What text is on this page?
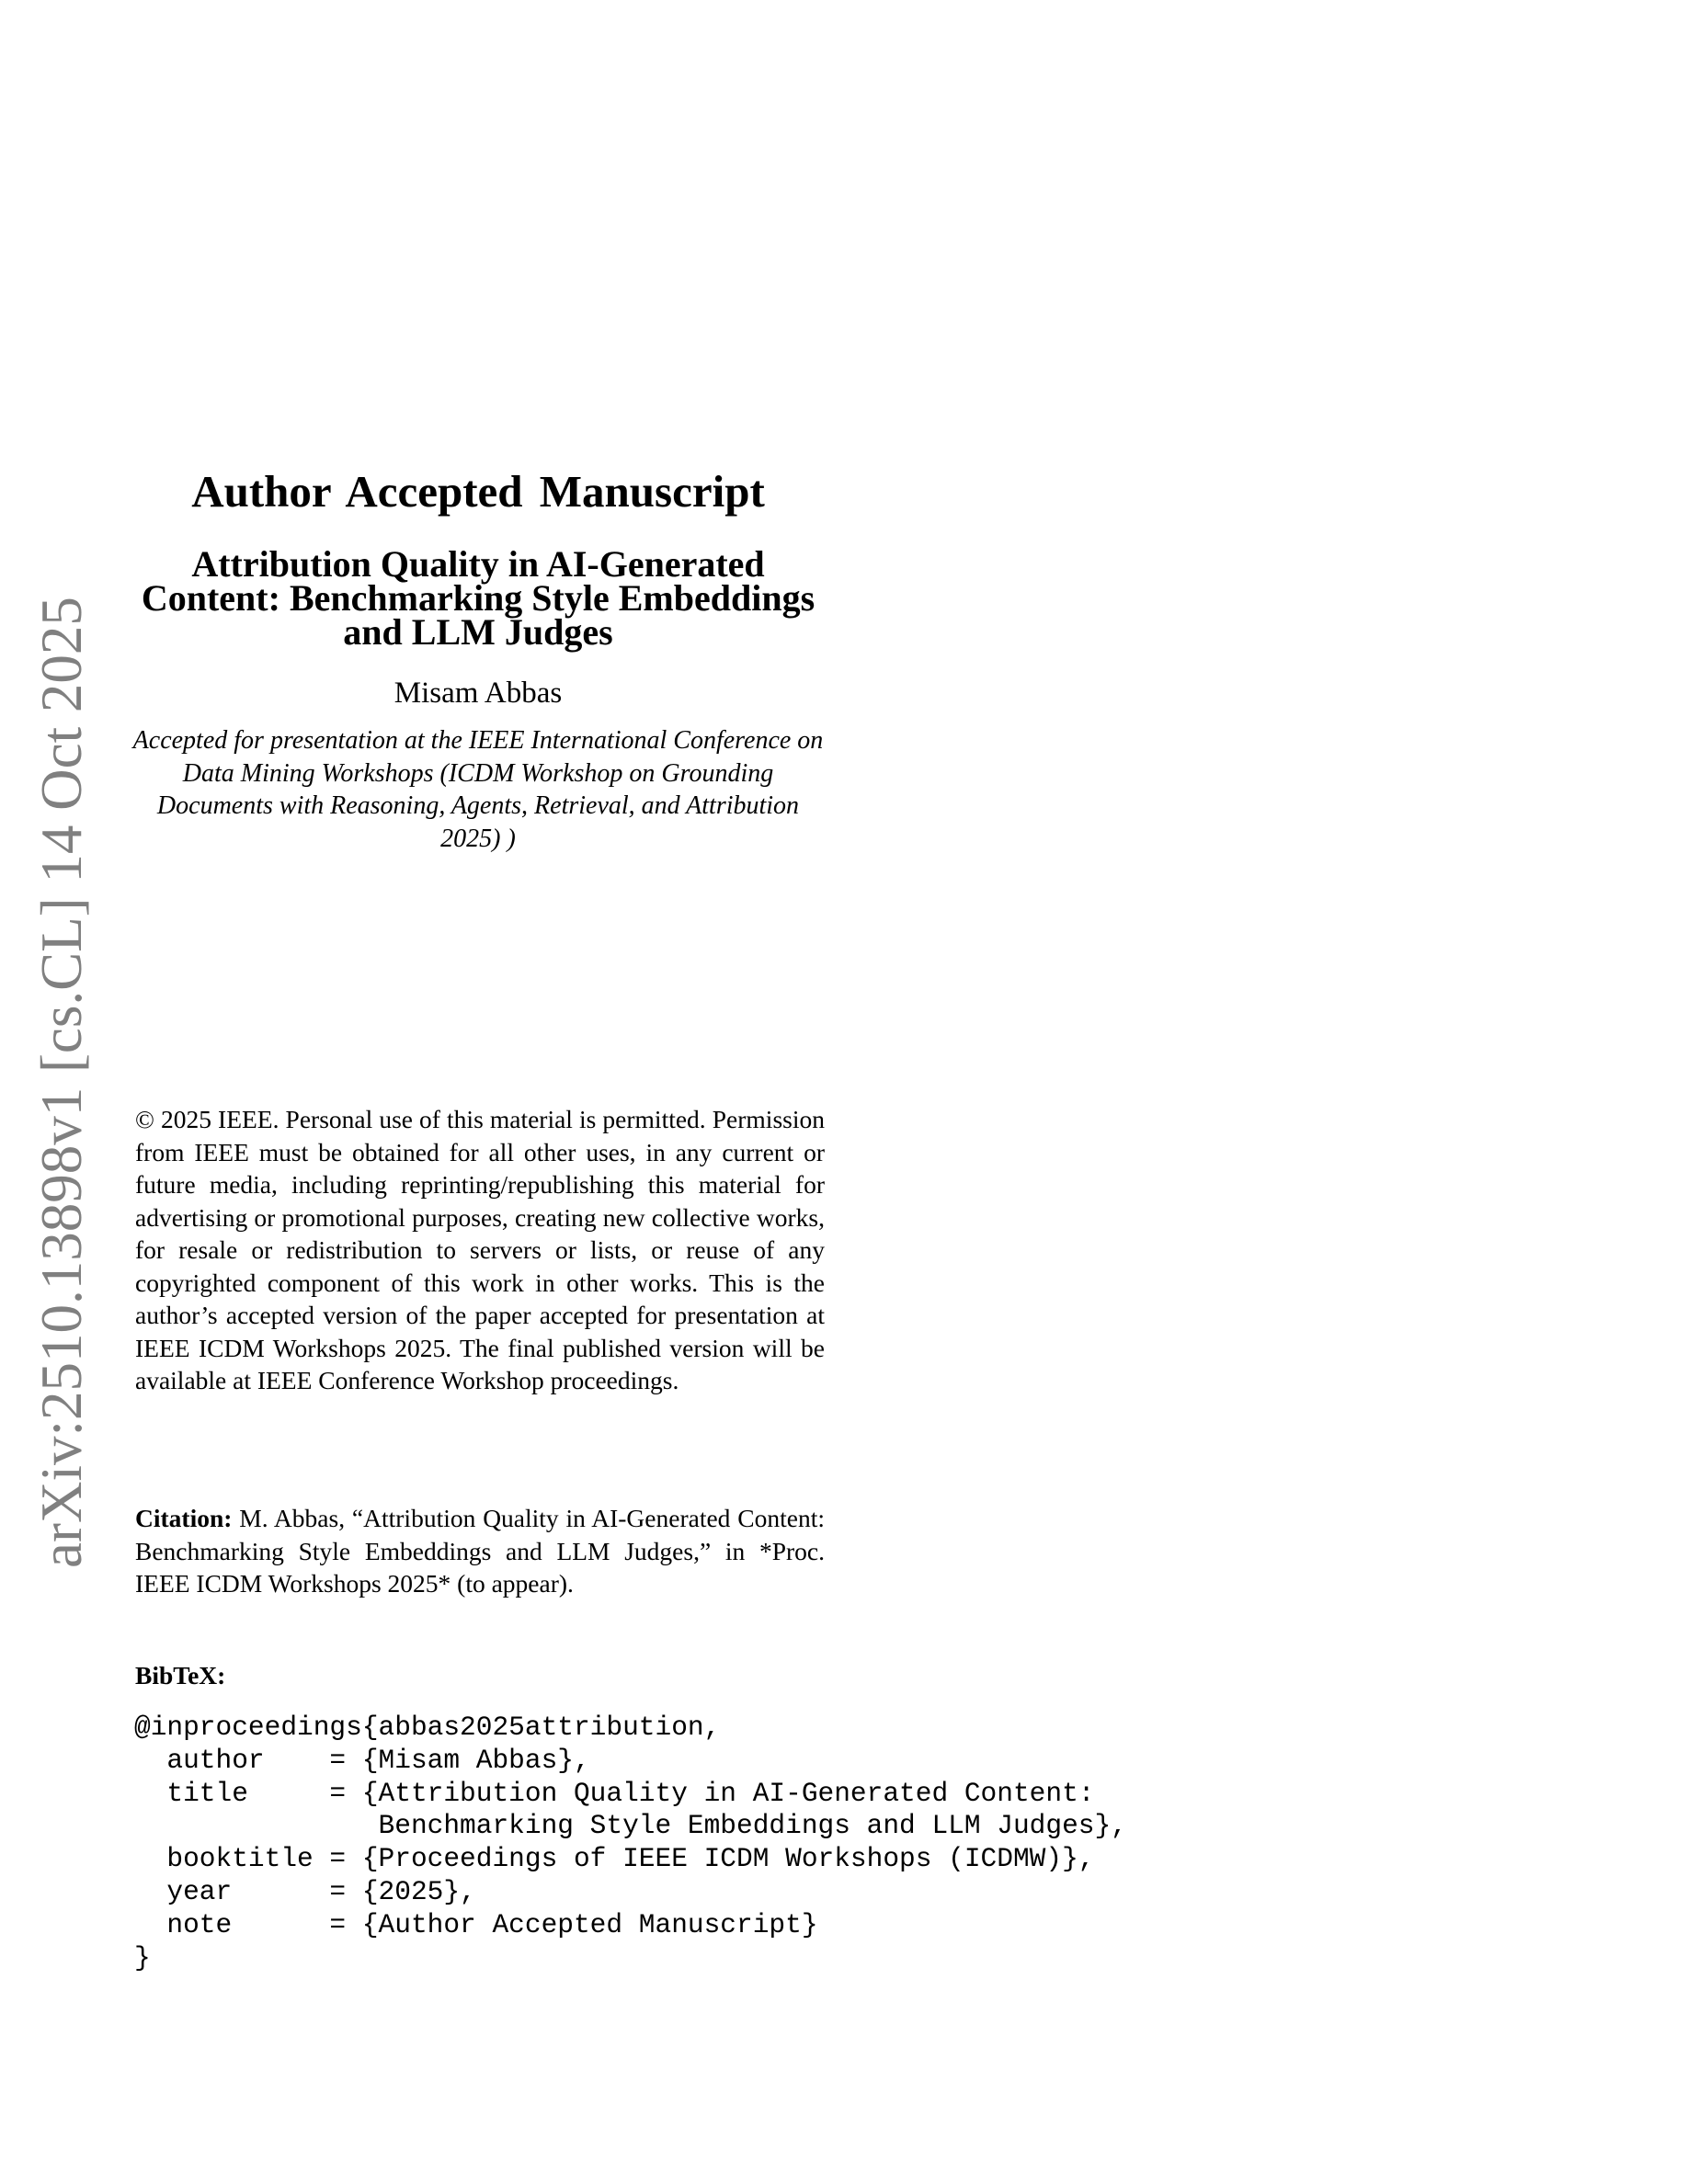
arXiv:2510.13898v1 [cs.CL] 14 Oct 2025
Author Accepted Manuscript
Attribution Quality in AI-Generated Content: Benchmarking Style Embeddings and LLM Judges
Misam Abbas
Accepted for presentation at the IEEE International Conference on Data Mining Workshops (ICDM Workshop on Grounding Documents with Reasoning, Agents, Retrieval, and Attribution 2025) )
© 2025 IEEE. Personal use of this material is permitted. Permission from IEEE must be obtained for all other uses, in any current or future media, including reprinting/republishing this material for advertising or promotional purposes, creating new collective works, for resale or redistribution to servers or lists, or reuse of any copyrighted component of this work in other works. This is the author’s accepted version of the paper accepted for presentation at IEEE ICDM Workshops 2025. The final published version will be available at IEEE Conference Workshop proceedings.
Citation: M. Abbas, “Attribution Quality in AI-Generated Content: Benchmarking Style Embeddings and LLM Judges,” in *Proc. IEEE ICDM Workshops 2025* (to appear).
BibTeX:
@inproceedings{abbas2025attribution,
author    = {Misam Abbas},
title     = {Attribution Quality in AI-Generated Content:
Benchmarking Style Embeddings and LLM Judges},
booktitle = {Proceedings of IEEE ICDM Workshops (ICDMW)},
year      = {2025},
note      = {Author Accepted Manuscript}
}
